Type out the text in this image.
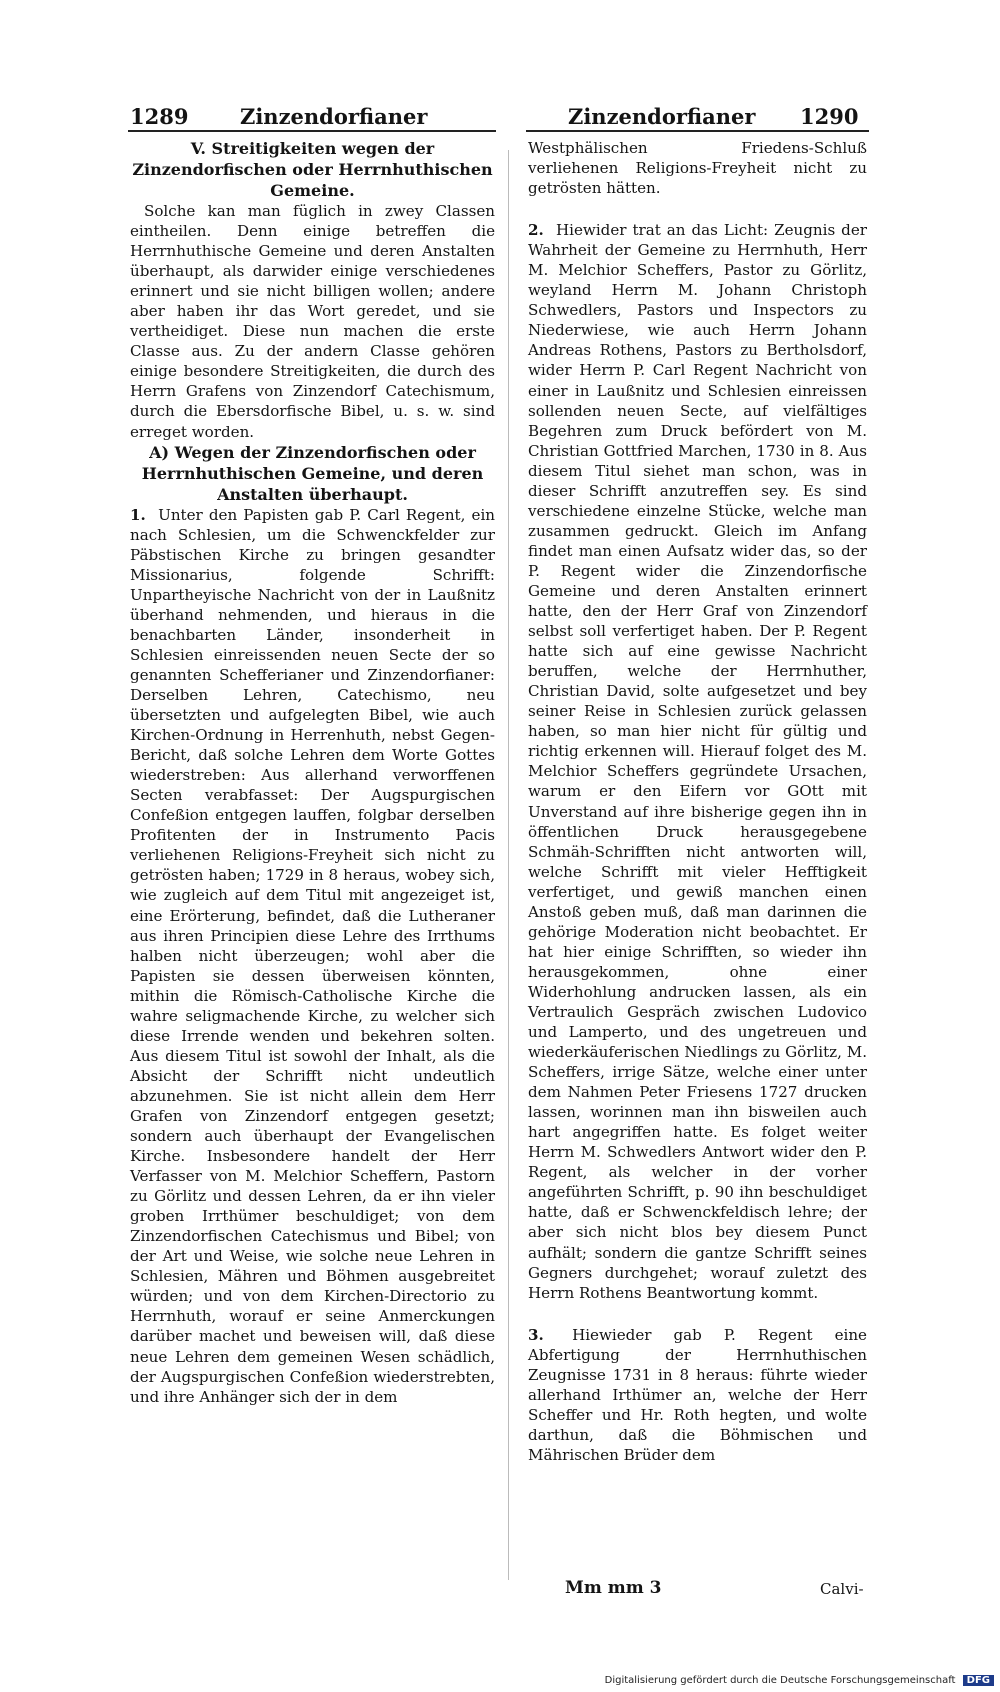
1289 Zinzendorfianer	Zinzendorfianer 1290

V. Streitigkeiten wegen der Zinzendorfischen oder Herrnhuthischen Gemeine.

Solche kan man füglich in zwey Classen eintheilen. Denn einige betreffen die Herrnhuthische Gemeine und deren Anstalten überhaupt, als darwider einige verschiedenes erinnert und sie nicht billigen wollen; andere aber haben ihr das Wort geredet, und sie vertheidiget. Diese nun machen die erste Classe aus. Zu der andern Classe gehören einige besondere Streitigkeiten, die durch des Herrn Grafens von Zinzendorf Catechismum, durch die Ebersdorfische Bibel, u. s. w. sind erreget worden.

A) Wegen der Zinzendorfischen oder Herrnhuthischen Gemeine, und deren Anstalten überhaupt.

1. Unter den Papisten gab P. Carl Regent, ein nach Schlesien, um die Schwenckfelder zur Päbstischen Kirche zu bringen gesandter Missionarius, folgende Schrifft: Unpartheyische Nachricht von der in Laußnitz überhand nehmenden, und hieraus in die benachbarten Länder, insonderheit in Schlesien einreissenden neuen Secte der so genannten Schefferianer und Zinzendorfianer: Derselben Lehren, Catechismo, neu übersetzten und aufgelegten Bibel, wie auch Kirchen-Ordnung in Herrenhuth, nebst Gegen-Bericht, daß solche Lehren dem Worte Gottes wiederstreben: Aus allerhand verworffenen Secten verabfasset: Der Augspurgischen Confeßion entgegen lauffen, folgbar derselben Profitenten der in Instrumento Pacis verliehenen Religions-Freyheit sich nicht zu getrösten haben; 1729 in 8 heraus, wobey sich, wie zugleich auf dem Titul mit angezeiget ist, eine Erörterung, befindet, daß die Lutheraner aus ihren Principien diese Lehre des Irrthums halben nicht überzeugen; wohl aber die Papisten sie dessen überweisen könnten, mithin die Römisch-Catholische Kirche die wahre seligmachende Kirche, zu welcher sich diese Irrende wenden und bekehren solten. Aus diesem Titul ist sowohl der Inhalt, als die Absicht der Schrifft nicht undeutlich abzunehmen. Sie ist nicht allein dem Herr Grafen von Zinzendorf entgegen gesetzt; sondern auch überhaupt der Evangelischen Kirche. Insbesondere handelt der Herr Verfasser von M. Melchior Scheffern, Pastorn zu Görlitz und dessen Lehren, da er ihn vieler groben Irrthümer beschuldiget; von dem Zinzendorfischen Catechismus und Bibel; von der Art und Weise, wie solche neue Lehren in Schlesien, Mähren und Böhmen ausgebreitet würden; und von dem Kirchen-Directorio zu Herrnhuth, worauf er seine Anmerckungen darüber machet und beweisen will, daß diese neue Lehren dem gemeinen Wesen schädlich, der Augspurgischen Confeßion wiederstrebten, und ihre Anhänger sich der in dem

Westphälischen Friedens-Schluß verliehenen Religions-Freyheit nicht zu getrösten hätten.

2. Hiewider trat an das Licht: Zeugnis der Wahrheit der Gemeine zu Herrnhuth, Herr M. Melchior Scheffers, Pastor zu Görlitz, weyland Herrn M. Johann Christoph Schwedlers, Pastors und Inspectors zu Niederwiese, wie auch Herrn Johann Andreas Rothens, Pastors zu Bertholsdorf, wider Herrn P. Carl Regent Nachricht von einer in Laußnitz und Schlesien einreissen sollenden neuen Secte, auf vielfältiges Begehren zum Druck befördert von M. Christian Gottfried Marchen, 1730 in 8. Aus diesem Titul siehet man schon, was in dieser Schrifft anzutreffen sey. Es sind verschiedene einzelne Stücke, welche man zusammen gedruckt. Gleich im Anfang findet man einen Aufsatz wider das, so der P. Regent wider die Zinzendorfische Gemeine und deren Anstalten erinnert hatte, den der Herr Graf von Zinzendorf selbst soll verfertiget haben. Der P. Regent hatte sich auf eine gewisse Nachricht beruffen, welche der Herrnhuther, Christian David, solte aufgesetzet und bey seiner Reise in Schlesien zurück gelassen haben, so man hier nicht für gültig und richtig erkennen will. Hierauf folget des M. Melchior Scheffers gegründete Ursachen, warum er den Eifern vor GOtt mit Unverstand auf ihre bisherige gegen ihn in öffentlichen Druck herausgegebene Schmäh-Schrifften nicht antworten will, welche Schrifft mit vieler Hefftigkeit verfertiget, und gewiß manchen einen Anstoß geben muß, daß man darinnen die gehörige Moderation nicht beobachtet. Er hat hier einige Schrifften, so wieder ihn herausgekommen, ohne einer Widerhohlung andrucken lassen, als ein Vertraulich Gespräch zwischen Ludovico und Lamperto, und des ungetreuen und wiederkäuferischen Niedlings zu Görlitz, M. Scheffers, irrige Sätze, welche einer unter dem Nahmen Peter Friesens 1727 drucken lassen, worinnen man ihn bisweilen auch hart angegriffen hatte. Es folget weiter Herrn M. Schwedlers Antwort wider den P. Regent, als welcher in der vorher angeführten Schrifft, p. 90 ihn beschuldiget hatte, daß er Schwenckfeldisch lehre; der aber sich nicht blos bey diesem Punct aufhält; sondern die gantze Schrifft seines Gegners durchgehet; worauf zuletzt des Herrn Rothens Beantwortung kommt.

3. Hiewieder gab P. Regent eine Abfertigung der Herrnhuthischen Zeugnisse 1731 in 8 heraus: führte wieder allerhand Irthümer an, welche der Herr Scheffer und Hr. Roth hegten, und wolte darthun, daß die Böhmischen und Mährischen Brüder dem

Mm mm 3	Calvi-
Digitalisierung gefördert durch die Deutsche Forschungsgemeinschaft DFG
